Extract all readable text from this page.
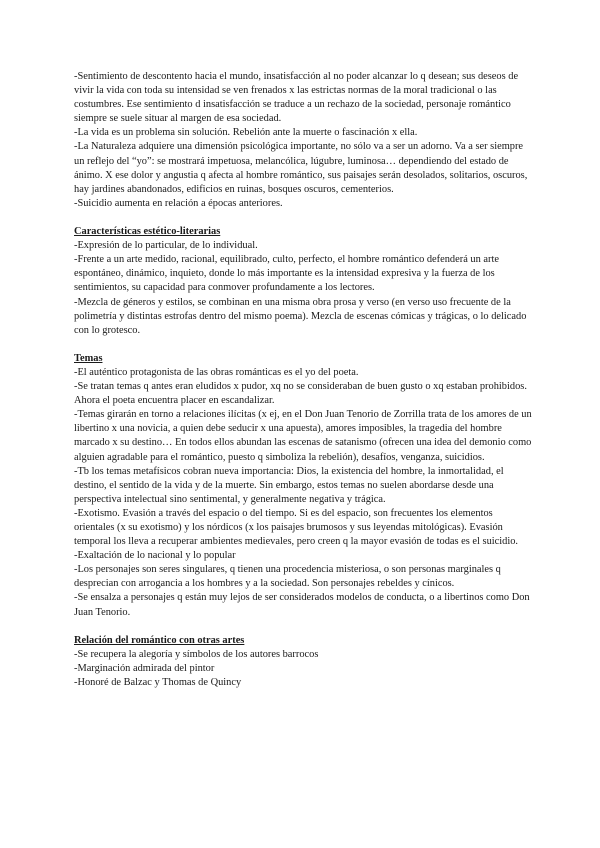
-Sentimiento de descontento hacia el mundo, insatisfacción al no poder alcanzar lo q desean; sus deseos de vivir la vida con toda su intensidad se ven frenados x las estrictas normas de la moral tradicional o las costumbres. Ese sentimiento d insatisfacción se traduce a un rechazo de la sociedad, personaje romántico siempre se suele situar al margen de esa sociedad.

-La vida es un problema sin solución. Rebelión ante la muerte o fascinación x ella.

-La Naturaleza adquiere una dimensión psicológica importante, no sólo va a ser un adorno. Va a ser siempre un reflejo del “yo”: se mostrará impetuosa, melancólica, lúgubre, luminosa… dependiendo del estado de ánimo. X ese dolor y angustia q afecta al hombre romántico, sus paisajes serán desolados, solitarios, oscuros, hay jardines abandonados, edificios en ruinas, bosques oscuros, cementerios.

-Suicidio aumenta en relación a épocas anteriores.

Características estético-literarias

-Expresión de lo particular, de lo individual.

-Frente a un arte medido, racional, equilibrado, culto, perfecto, el hombre romántico defenderá un arte espontáneo, dinámico, inquieto, donde lo más importante es la intensidad expresiva y la fuerza de los sentimientos, su capacidad para conmover profundamente a los lectores.

-Mezcla de géneros y estilos, se combinan en una misma obra prosa y verso (en verso uso frecuente de la polimetría y distintas estrofas dentro del mismo poema). Mezcla de escenas cómicas y trágicas, o lo delicado con lo grotesco.

Temas

-El auténtico protagonista de las obras románticas es el yo del poeta.

-Se tratan temas q antes eran eludidos x pudor, xq no se consideraban de buen gusto o xq estaban prohibidos. Ahora el poeta encuentra placer en escandalizar.

-Temas girarán en torno a relaciones ilícitas (x ej, en el Don Juan Tenorio de Zorrilla trata de los amores de un libertino x una novicia, a quien debe seducir x una apuesta), amores imposibles, la tragedia del hombre marcado x su destino… En todos ellos abundan las escenas de satanismo (ofrecen una idea del demonio como alguien agradable para el romántico, puesto q simboliza la rebelión), desafíos, venganza, suicidios.

-Tb los temas metafísicos cobran nueva importancia: Dios, la existencia del hombre, la inmortalidad, el destino, el sentido de la vida y de la muerte. Sin embargo, estos temas no suelen abordarse desde una perspectiva intelectual sino sentimental, y generalmente negativa y trágica.

-Exotismo. Evasión a través del espacio o del tiempo. Si es del espacio, son frecuentes los elementos orientales (x su exotismo) y los nórdicos (x los paisajes brumosos y sus leyendas mitológicas). Evasión temporal los lleva a recuperar ambientes medievales, pero creen q la mayor evasión de todas es el suicidio.

-Exaltación de lo nacional y lo popular

-Los personajes son seres singulares, q tienen una procedencia misteriosa, o son personas marginales q desprecian con arrogancia a los hombres y a la sociedad. Son personajes rebeldes y cínicos.

-Se ensalza a personajes q están muy lejos de ser considerados modelos de conducta, o a libertinos como Don Juan Tenorio.

Relación del romántico con otras artes

-Se recupera la alegoría y símbolos de los autores barrocos

-Marginación admirada del pintor

-Honoré de Balzac y Thomas de Quincy
